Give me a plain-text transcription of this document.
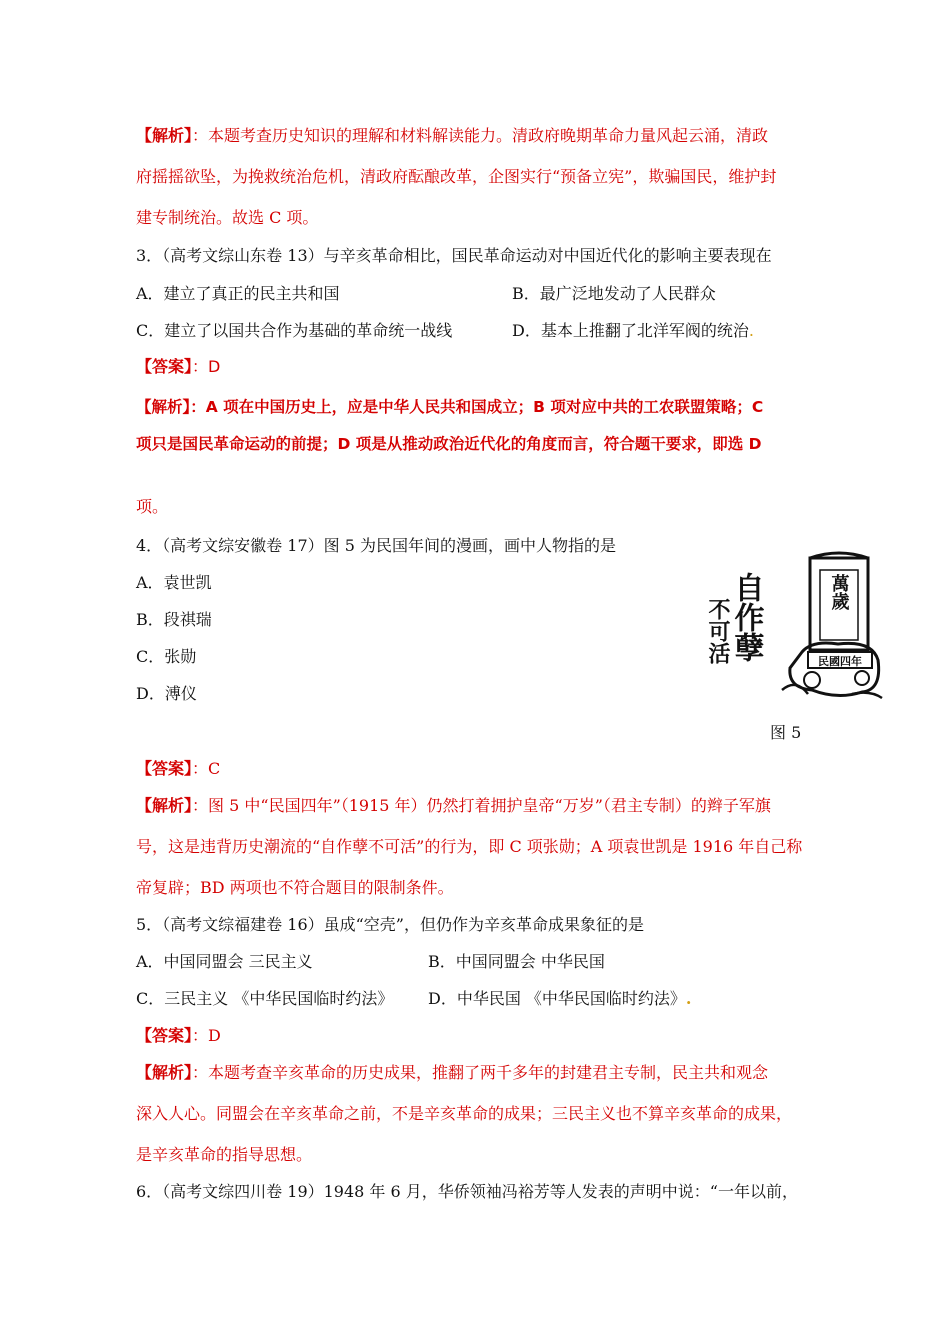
【解析】：本题考查历史知识的理解和材料解读能力。清政府晚期革命力量风起云涌，清政
府摇摇欲坠，为挽救统治危机，清政府酝酿改革，企图实行“预备立宪”，欺骗国民，维护封
建专制统治。故选 C 项。
3．（高考文综山东卷 13）与辛亥革命相比，国民革命运动对中国近代化的影响主要表现在
A．建立了真正的民主共和国	B．最广泛地发动了人民群众
C．建立了以国共合作为基础的革命统一战线	D．基本上推翻了北洋军阀的统治.
【答案】：D
【解析】：A 项在中国历史上，应是中华人民共和国成立；B 项对应中共的工农联盟策略；C
项只是国民革命运动的前提；D 项是从推动政治近代化的角度而言，符合题干要求，即选 D
项。
4．（高考文综安徽卷 17）图 5 为民国年间的漫画，画中人物指的是
A．袁世凯
B．段祺瑞
C．张勋
D．溥仪
自作孽
不可活
萬歲
民國四年
图 5
【答案】：C
【解析】：图 5 中“民国四年”（1915 年）仍然打着拥护皇帝“万岁”（君主专制）的辫子军旗
号，这是违背历史潮流的“自作孽不可活”的行为，即 C 项张勋；A 项袁世凯是 1916 年自己称
帝复辟；BD 两项也不符合题目的限制条件。
5．（高考文综福建卷 16）虽成“空壳”，但仍作为辛亥革命成果象征的是
A．中国同盟会 三民主义	B．中国同盟会 中华民国
C．三民主义 《中华民国临时约法》 D．中华民国 《中华民国临时约法》.
【答案】：D
【解析】：本题考查辛亥革命的历史成果，推翻了两千多年的封建君主专制，民主共和观念
深入人心。同盟会在辛亥革命之前，不是辛亥革命的成果；三民主义也不算辛亥革命的成果，
是辛亥革命的指导思想。
6．（高考文综四川卷 19）1948 年 6 月，华侨领袖冯裕芳等人发表的声明中说：“一年以前，
